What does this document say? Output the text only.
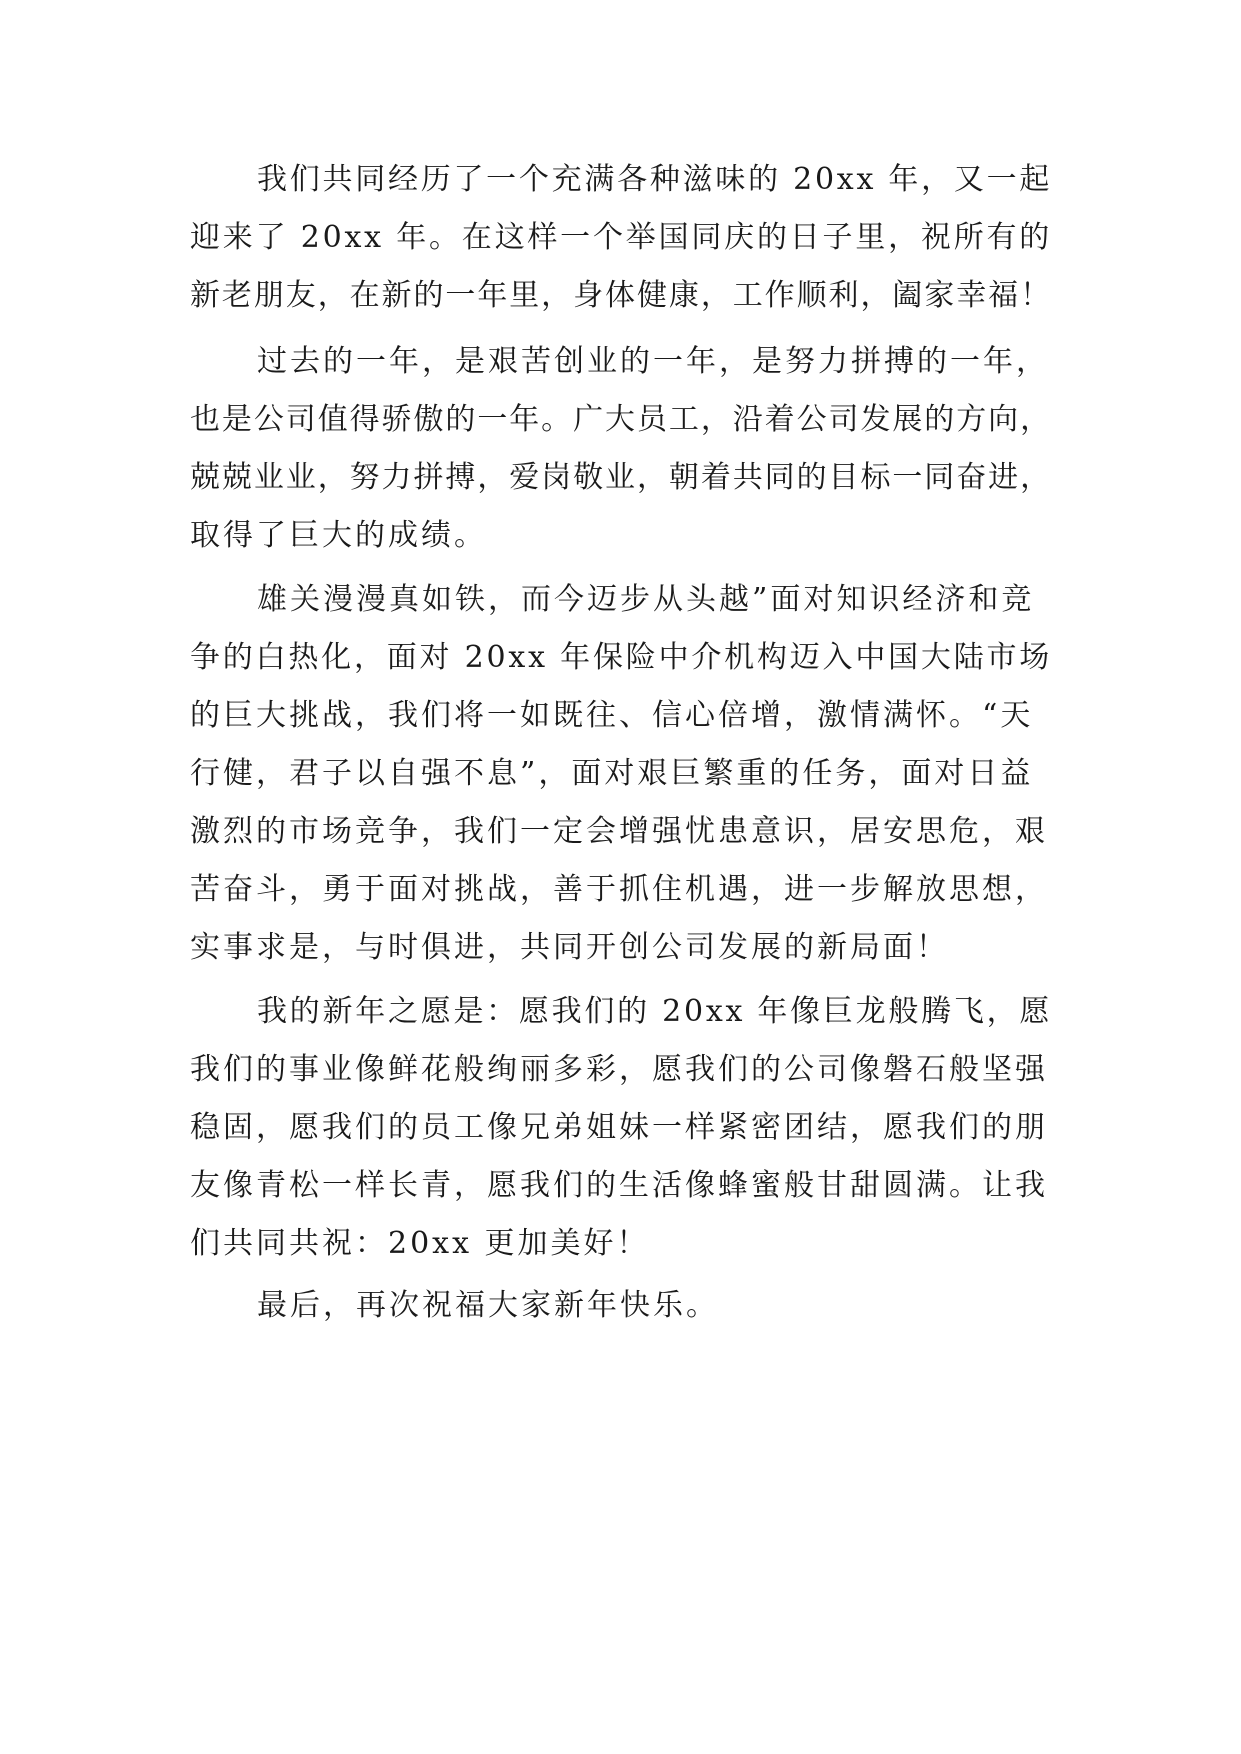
我们共同经历了一个充满各种滋味的 20xx 年，又一起
迎来了 20xx 年。在这样一个举国同庆的日子里，祝所有的
新老朋友，在新的一年里，身体健康，工作顺利，阖家幸福！
过去的一年，是艰苦创业的一年，是努力拼搏的一年，
也是公司值得骄傲的一年。广大员工，沿着公司发展的方向，
兢兢业业，努力拼搏，爱岗敬业，朝着共同的目标一同奋进，
取得了巨大的成绩。
雄关漫漫真如铁，而今迈步从头越”面对知识经济和竞
争的白热化，面对 20xx 年保险中介机构迈入中国大陆市场
的巨大挑战，我们将一如既往、信心倍增，激情满怀。“天
行健，君子以自强不息”，面对艰巨繁重的任务，面对日益
激烈的市场竞争，我们一定会增强忧患意识，居安思危，艰
苦奋斗，勇于面对挑战，善于抓住机遇，进一步解放思想，
实事求是，与时俱进，共同开创公司发展的新局面！
我的新年之愿是：愿我们的 20xx 年像巨龙般腾飞，愿
我们的事业像鲜花般绚丽多彩，愿我们的公司像磐石般坚强
稳固，愿我们的员工像兄弟姐妹一样紧密团结，愿我们的朋
友像青松一样长青，愿我们的生活像蜂蜜般甘甜圆满。让我
们共同共祝：20xx 更加美好！
最后，再次祝福大家新年快乐。
